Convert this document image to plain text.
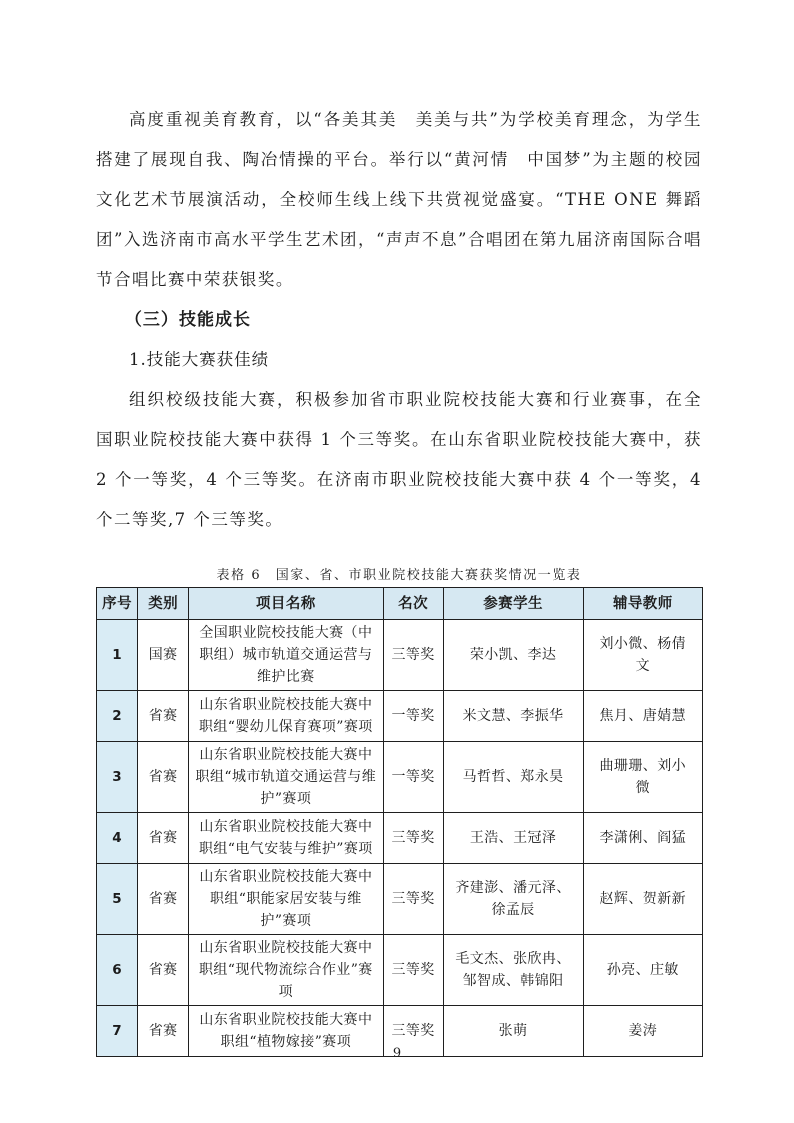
高度重视美育教育，以“各美其美　美美与共”为学校美育理念，为学生搭建了展现自我、陶冶情操的平台。举行以“黄河情　中国梦”为主题的校园文化艺术节展演活动，全校师生线上线下共赏视觉盛宴。“THE ONE 舞蹈团”入选济南市高水平学生艺术团，“声声不息”合唱团在第九届济南国际合唱节合唱比赛中荣获银奖。

（三）技能成长
1.技能大赛获佳绩

组织校级技能大赛，积极参加省市职业院校技能大赛和行业赛事，在全国职业院校技能大赛中获得 1 个三等奖。在山东省职业院校技能大赛中，获 2 个一等奖，4 个三等奖。在济南市职业院校技能大赛中获 4 个一等奖，4 个二等奖,7 个三等奖。

表格 6　国家、省、市职业院校技能大赛获奖情况一览表
序号	类别	项目名称	名次	参赛学生	辅导教师
1	国赛	全国职业院校技能大赛（中职组）城市轨道交通运营与维护比赛	三等奖	荣小凯、李达	刘小微、杨倩文
2	省赛	山东省职业院校技能大赛中职组“婴幼儿保育赛项”赛项	一等奖	米文慧、李振华	焦月、唐婧慧
3	省赛	山东省职业院校技能大赛中职组“城市轨道交通运营与维护”赛项	一等奖	马哲哲、郑永昊	曲珊珊、刘小微
4	省赛	山东省职业院校技能大赛中职组“电气安装与维护”赛项	三等奖	王浩、王冠泽	李潇俐、阎猛
5	省赛	山东省职业院校技能大赛中职组“职能家居安装与维护”赛项	三等奖	齐建澎、潘元泽、徐孟辰	赵辉、贺新新
6	省赛	山东省职业院校技能大赛中职组“现代物流综合作业”赛项	三等奖	毛文杰、张欣冉、邹智成、韩锦阳	孙亮、庄敏
7	省赛	山东省职业院校技能大赛中职组“植物嫁接”赛项	三等奖	张萌	姜涛
9
